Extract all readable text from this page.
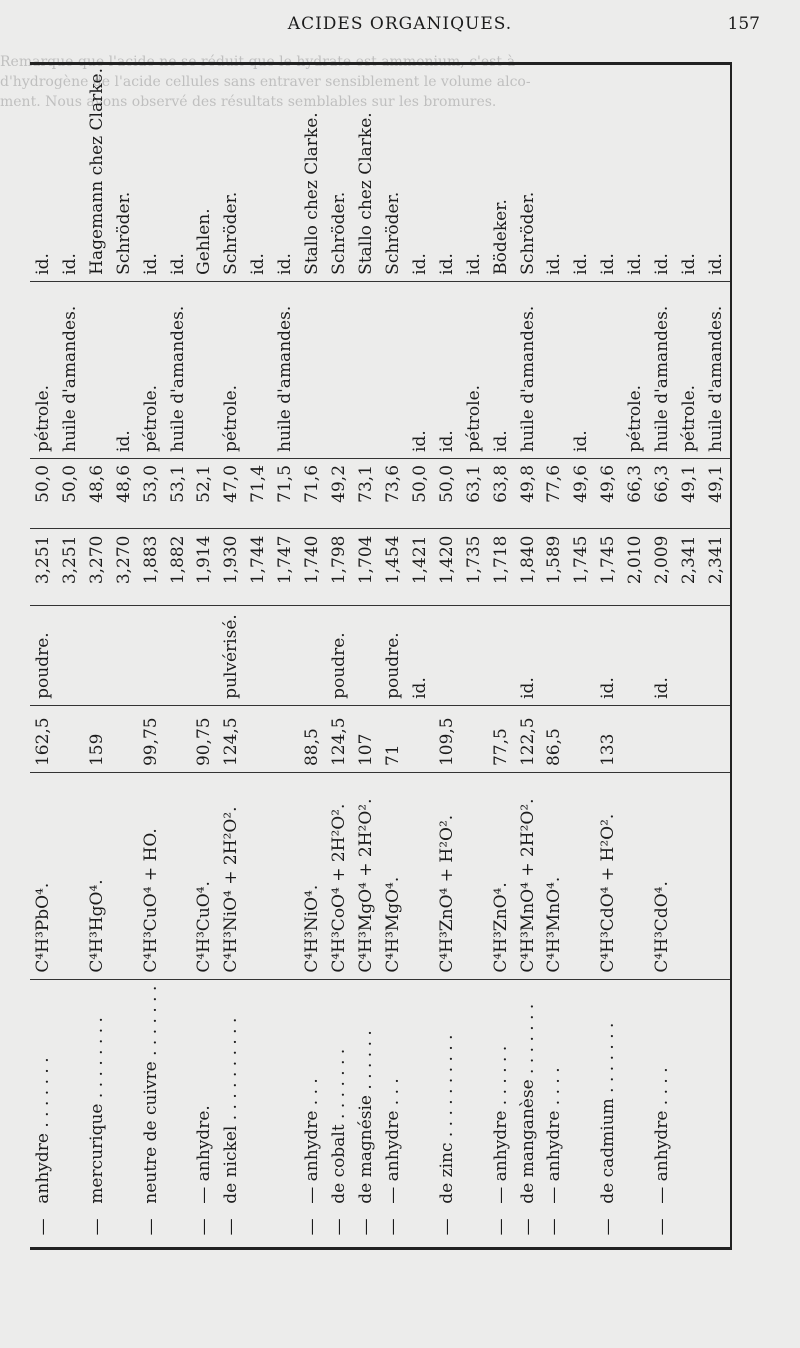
ACIDES ORGANIQUES.	157
Remarque que l'acide ne se réduit que le hydrate est ammonium, c'est-à-
d'hydrogène de l'acide cellules sans entraver sensiblement le volume alco-
ment. Nous avons observé des résultats semblables sur les bromures.
—	anhydre . . . . . . .	C⁴H³PbO⁴.	162,5	poudre.	3,251	50,0	pétrole.	id.
					3,251	50,0	huile d'amandes.	id.
—	mercurique . . . . . . . .	C⁴H³HgO⁴.	159		3,270	48,6		Hagemann chez Clarke.
					3,270	48,6	id.	Schröder.
—	neutre de cuivre . . . . . . .	C⁴H³CuO⁴ + HO.	99,75		1,883	53,0	pétrole.	id.
					1,882	53,1	huile d'amandes.	id.
—	— anhydre.	C⁴H³CuO⁴.	90,75		1,914	52,1		Gehlen.
—	de nickel . . . . . . . . . .	C⁴H³NiO⁴ + 2H²O².	124,5	pulvérisé.	1,930	47,0	pétrole.	Schröder.
					1,744	71,4		id.
					1,747	71,5	huile d'amandes.	id.
—	— anhydre . . .	C⁴H³NiO⁴.	88,5		1,740	71,6		Stallo chez Clarke.
—	de cobalt . . . . . . .	C⁴H³CoO⁴ + 2H²O².	124,5	poudre.	1,798	49,2		Schröder.
—	de magnésie . . . . . .	C⁴H³MgO⁴ + 2H²O².	107		1,704	73,1		Stallo chez Clarke.
—	— anhydre . . .	C⁴H³MgO⁴.	71	poudre.	1,454	73,6		Schröder.
				id.	1,421	50,0	id.	id.
—	de zinc . . . . . . . . . .	C⁴H³ZnO⁴ + H²O².	109,5		1,420	50,0	id.	id.
					1,735	63,1	pétrole.	id.
—	— anhydre . . . . . .	C⁴H³ZnO⁴.	77,5		1,718	63,8	id.	Bödeker.
—	de manganèse . . . . . . .	C⁴H³MnO⁴ + 2H²O².	122,5	id.	1,840	49,8	huile d'amandes.	Schröder.
—	— anhydre . . . .	C⁴H³MnO⁴.	86,5		1,589	77,6		id.
					1,745	49,6	id.	id.
—	de cadmium . . . . . . .	C⁴H³CdO⁴ + H²O².	133	id.	1,745	49,6		id.
					2,010	66,3	pétrole.	id.
—	— anhydre . . . .	C⁴H³CdO⁴.		id.	2,009	66,3	huile d'amandes.	id.
					2,341	49,1	pétrole.	id.
					2,341	49,1	huile d'amandes.	id.
